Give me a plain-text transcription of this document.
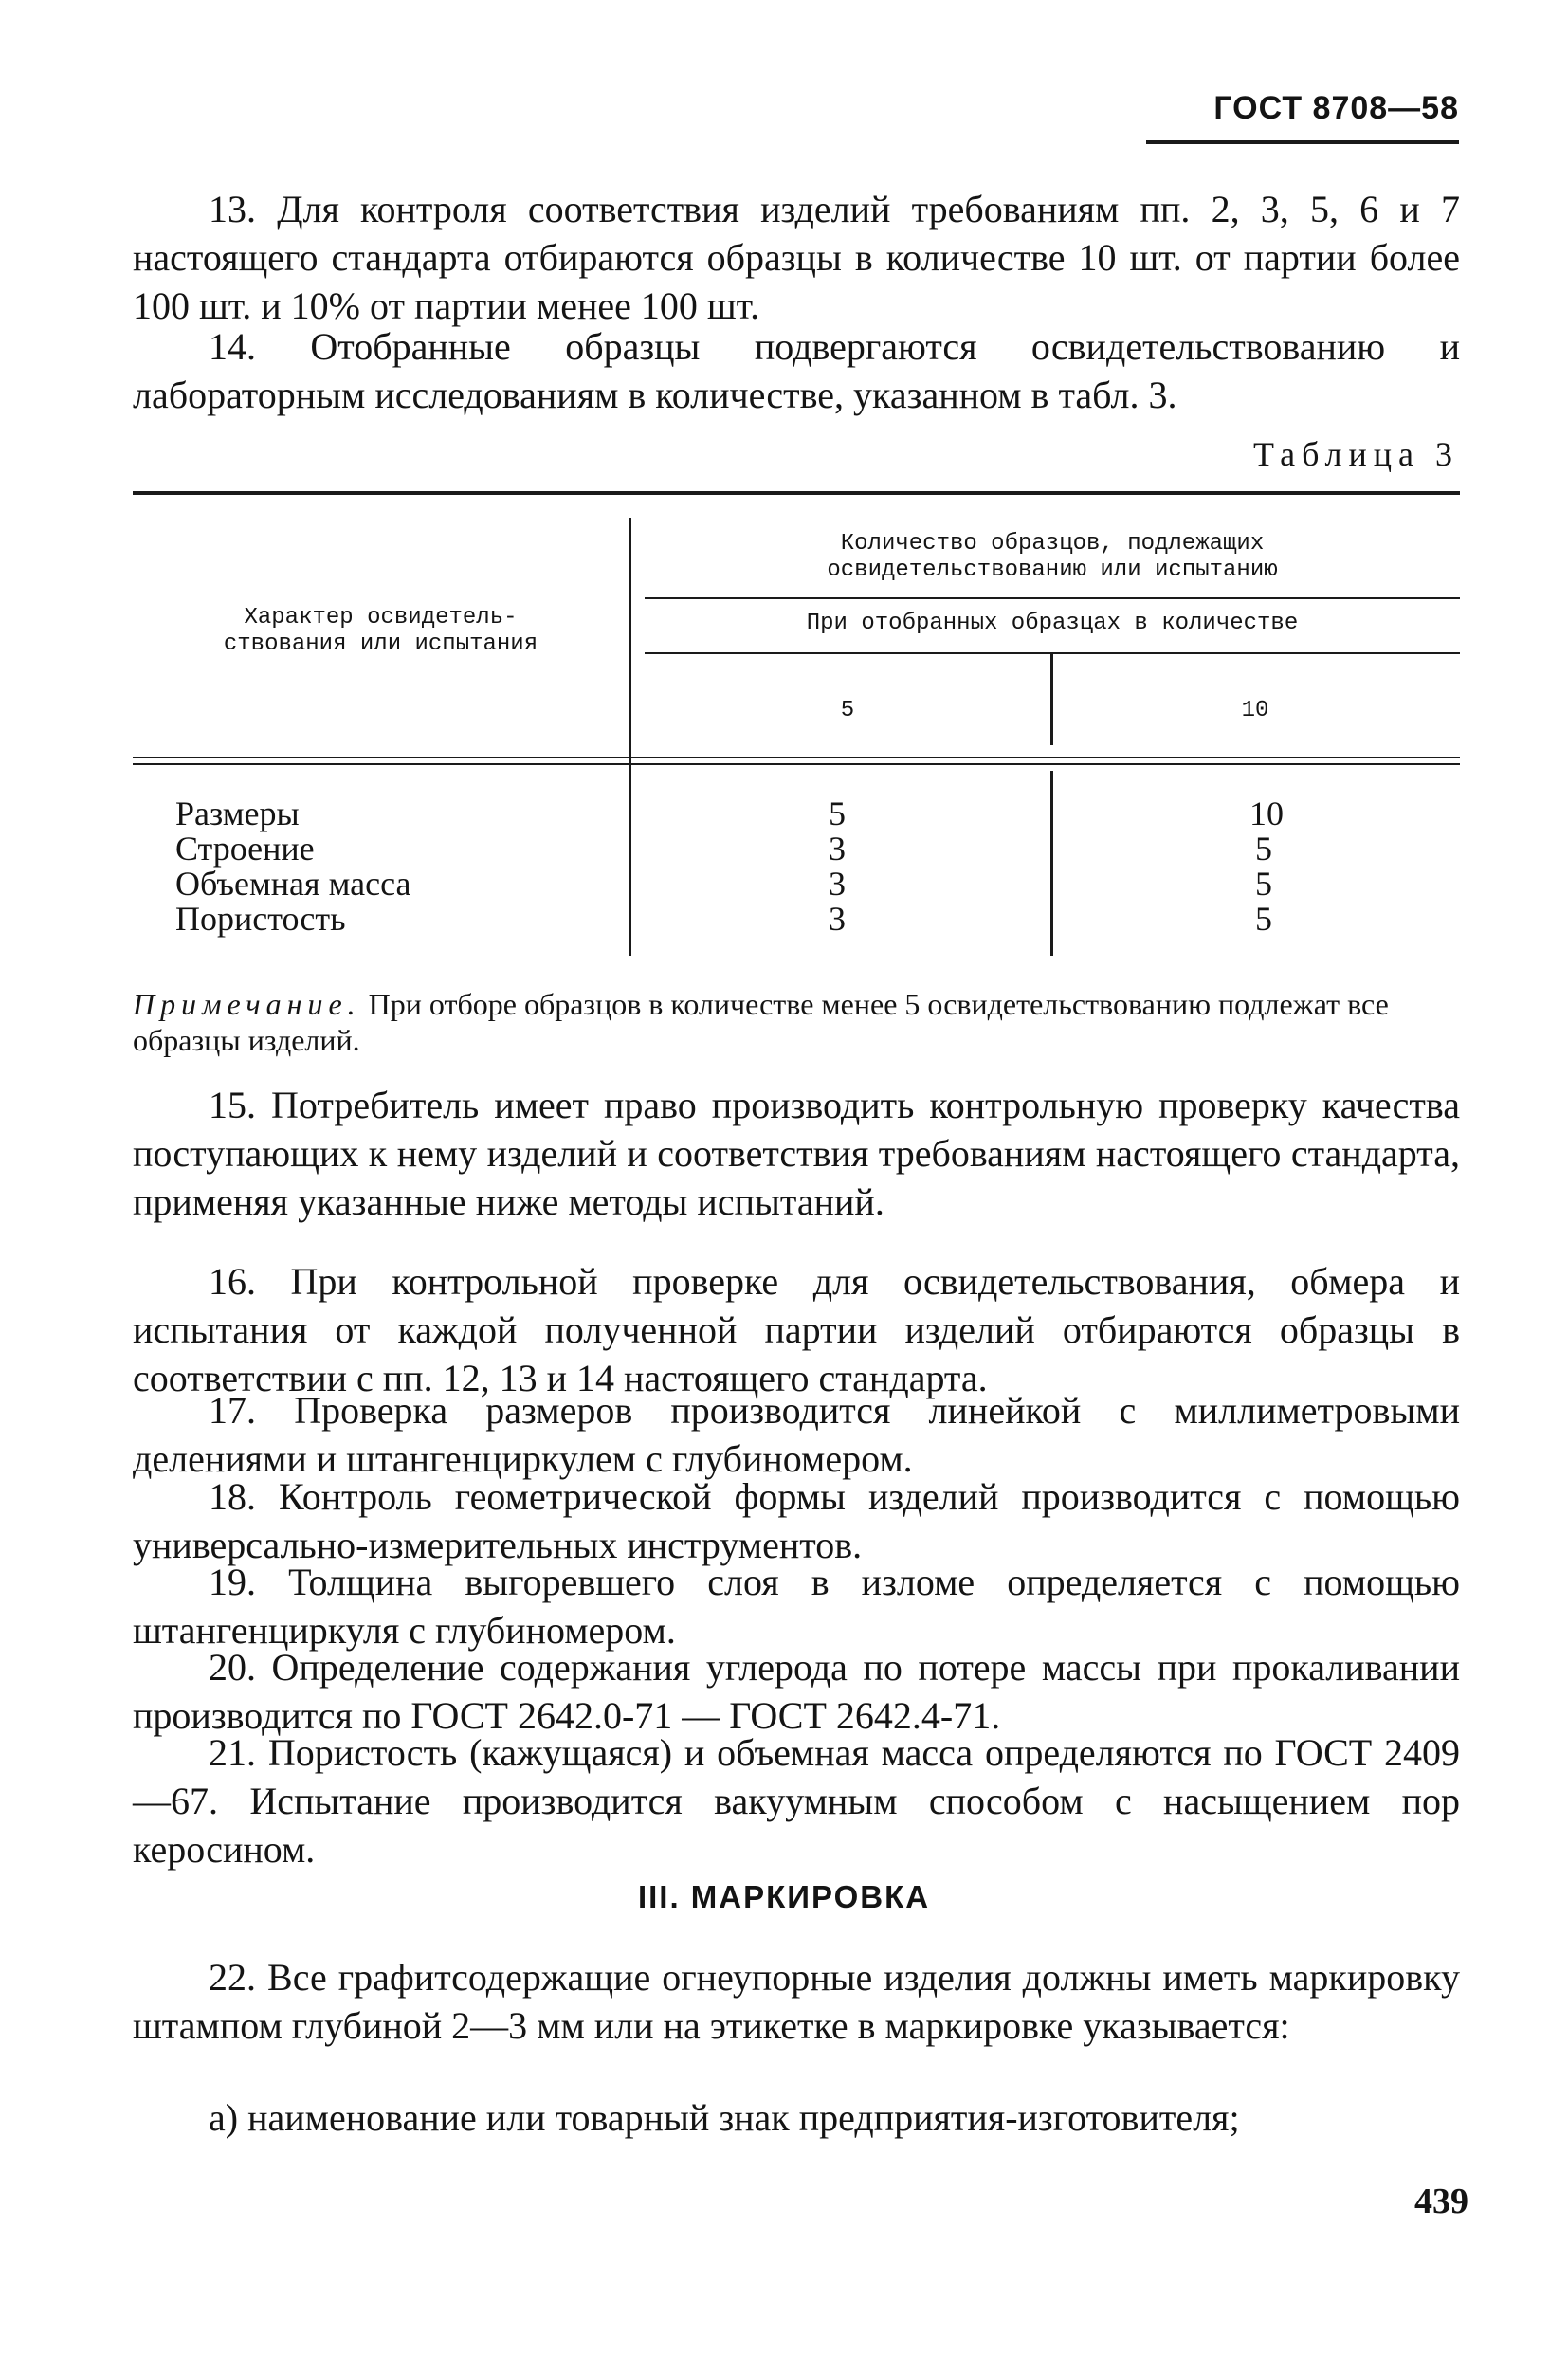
ГОСТ 8708—58

13. Для контроля соответствия изделий требованиям пп. 2, 3, 5, 6 и 7 настоящего стандарта отбираются образцы в количестве 10 шт. от партии более 100 шт. и 10% от партии менее 100 шт.

14. Отобранные образцы подвергаются освидетельствованию и лабораторным исследованиям в количестве, указанном в табл. 3.

Таблица 3
Количество образцов, подлежащих
освидетельствованию или испытанию
Характер освидетель-
ствования или испытания
При отобранных образцах в количестве
5	10
Размеры	5	10
Строение	3	5
Объемная масса	3	5
Пористость	3	5

Примечание. При отборе образцов в количестве менее 5 освидетельствованию подлежат все образцы изделий.

15. Потребитель имеет право производить контрольную проверку качества поступающих к нему изделий и соответствия требованиям настоящего стандарта, применяя указанные ниже методы испытаний.

16. При контрольной проверке для освидетельствования, обмера и испытания от каждой полученной партии изделий отбираются образцы в соответствии с пп. 12, 13 и 14 настоящего стандарта.

17. Проверка размеров производится линейкой с миллиметровыми делениями и штангенциркулем с глубиномером.

18. Контроль геометрической формы изделий производится с помощью универсально-измерительных инструментов.

19. Толщина выгоревшего слоя в изломе определяется с помощью штангенциркуля с глубиномером.

20. Определение содержания углерода по потере массы при прокаливании производится по ГОСТ 2642.0-71 — ГОСТ 2642.4-71.

21. Пористость (кажущаяся) и объемная масса определяются по ГОСТ 2409—67. Испытание производится вакуумным способом с насыщением пор керосином.

III. МАРКИРОВКА

22. Все графитсодержащие огнеупорные изделия должны иметь маркировку штампом глубиной 2—3 мм или на этикетке в маркировке указывается:

а) наименование или товарный знак предприятия-изготовителя;

439
